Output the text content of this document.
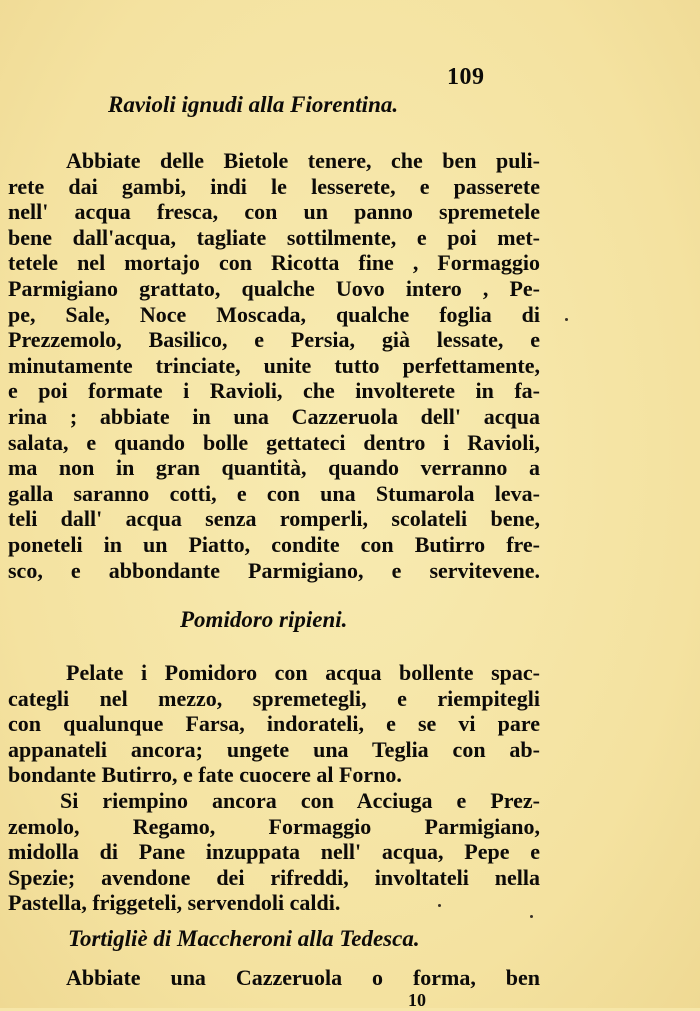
109
Ravioli ignudi alla Fiorentina.
Abbiate delle Bietole tenere, che ben puli-
rete dai gambi, indi le lesserete, e passerete
nell' acqua fresca, con un panno spremetele
bene dall'acqua, tagliate sottilmente, e poi met-
tetele nel mortajo con Ricotta fine , Formaggio
Parmigiano grattato, qualche Uovo intero , Pe-
pe, Sale, Noce Moscada, qualche foglia di
Prezzemolo, Basilico, e Persia, già lessate, e
minutamente trinciate, unite tutto perfettamente,
e poi formate i Ravioli, che involterete in fa-
rina ; abbiate in una Cazzeruola dell' acqua
salata, e quando bolle gettateci dentro i Ravioli,
ma non in gran quantità, quando verranno a
galla saranno cotti, e con una Stumarola leva-
teli dall' acqua senza romperli, scolateli bene,
poneteli in un Piatto, condite con Butirro fre-
sco, e abbondante Parmigiano, e servitevene.
Pomidoro ripieni.
Pelate i Pomidoro con acqua bollente spac-
categli nel mezzo, spremetegli, e riempitegli
con qualunque Farsa, indorateli, e se vi pare
appanateli ancora; ungete una Teglia con ab-
bondante Butirro, e fate cuocere al Forno.
Si riempino ancora con Acciuga e Prez-
zemolo, Regamo, Formaggio Parmigiano,
midolla di Pane inzuppata nell' acqua, Pepe e
Spezie; avendone dei rifreddi, involtateli nella
Pastella, friggeteli, servendoli caldi.
Tortigliè di Maccheroni alla Tedesca.
Abbiate una Cazzeruola o forma, ben
10
